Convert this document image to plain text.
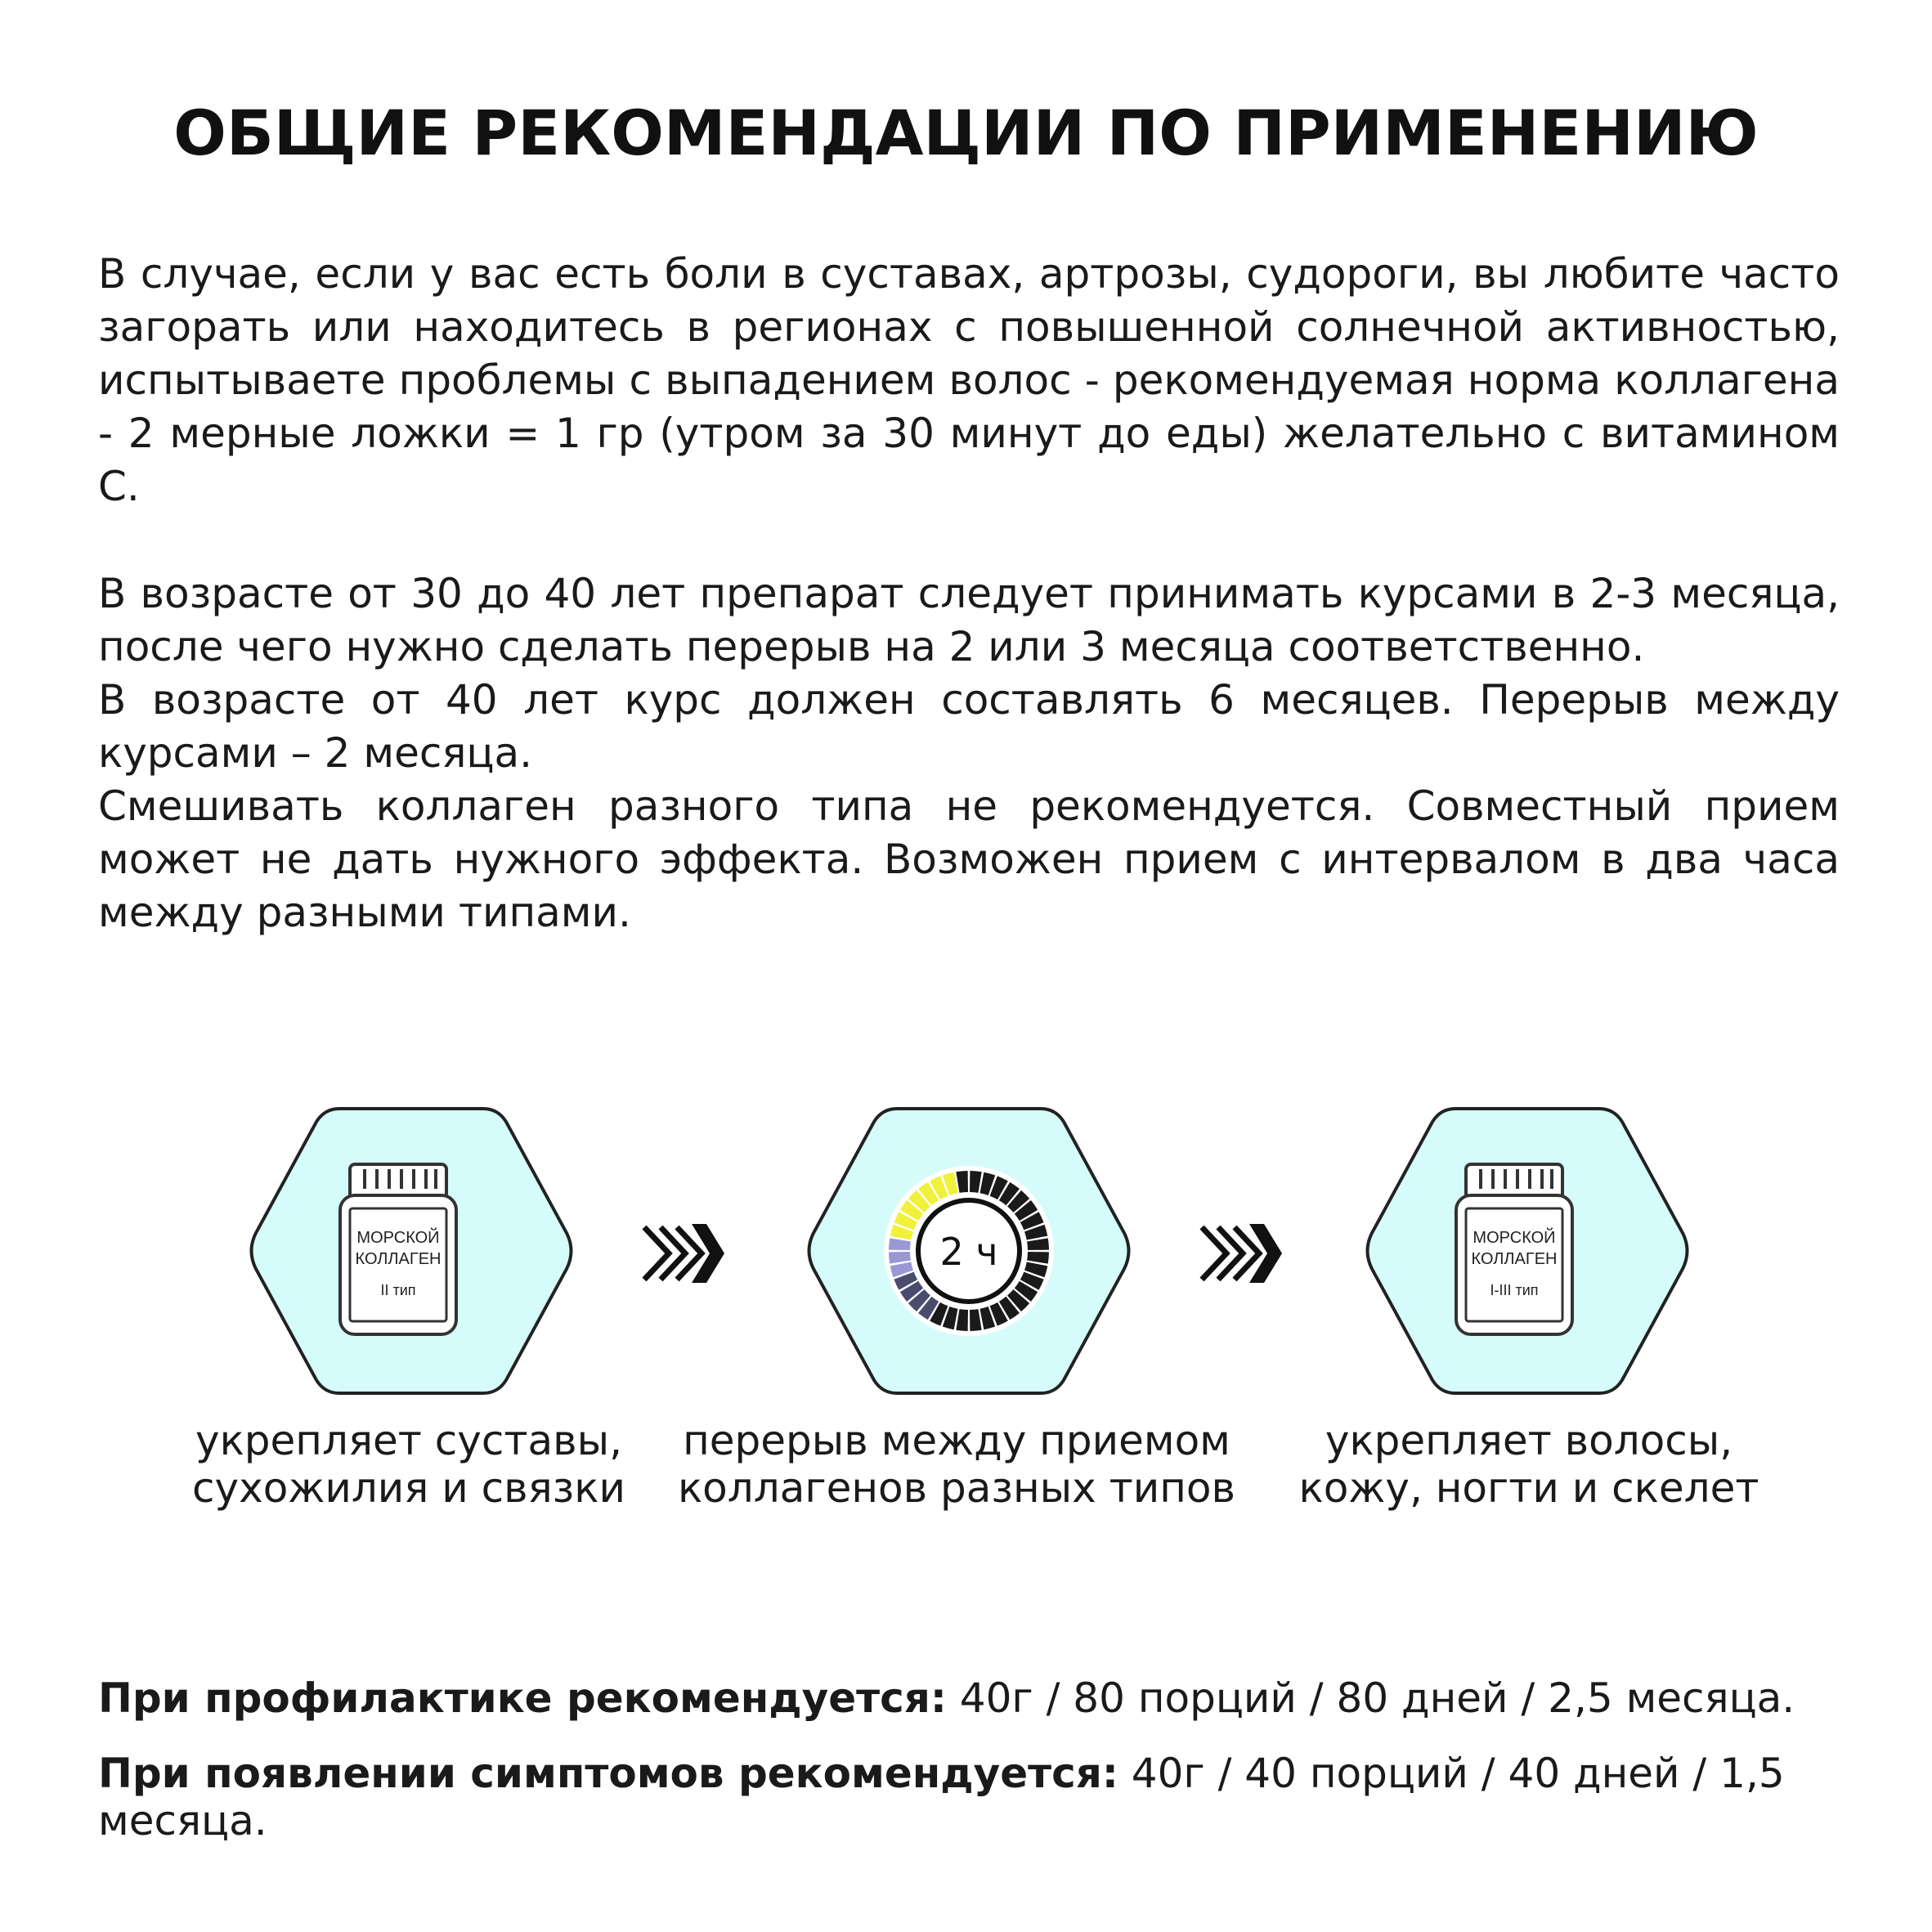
ОБЩИЕ РЕКОМЕНДАЦИИ ПО ПРИМЕНЕНИЮ

В случае, если у вас есть боли в суставах, артрозы, судороги, вы любите часто загорать или находитесь в регионах с повышенной солнечной активностью, испытываете проблемы с выпадением волос - рекомендуемая норма коллагена - 2 мерные ложки = 1 гр (утром за 30 минут до еды) желательно с витамином С.

В возрасте от 30 до 40 лет препарат следует принимать курсами в 2-3 месяца, после чего нужно сделать перерыв на 2 или 3 месяца соответственно.

В возрасте от 40 лет курс должен составлять 6 месяцев. Перерыв между курсами – 2 месяца.

Смешивать коллаген разного типа не рекомендуется. Совместный прием может не дать нужного эффекта. Возможен прием с интервалом в два часа между разными типами.

МОРСКОЙ
КОЛЛАГЕН
II тип
2 ч	МОРСКОЙ
КОЛЛАГЕН
I-III тип
укрепляет суставы,
сухожилия и связки
перерыв между приемом
коллагенов разных типов
укрепляет волосы,
кожу, ногти и скелет
При профилактике рекомендуется: 40г / 80 порций / 80 дней / 2,5 месяца.
При появлении симптомов рекомендуется: 40г / 40 порций / 40 дней / 1,5 месяца.
